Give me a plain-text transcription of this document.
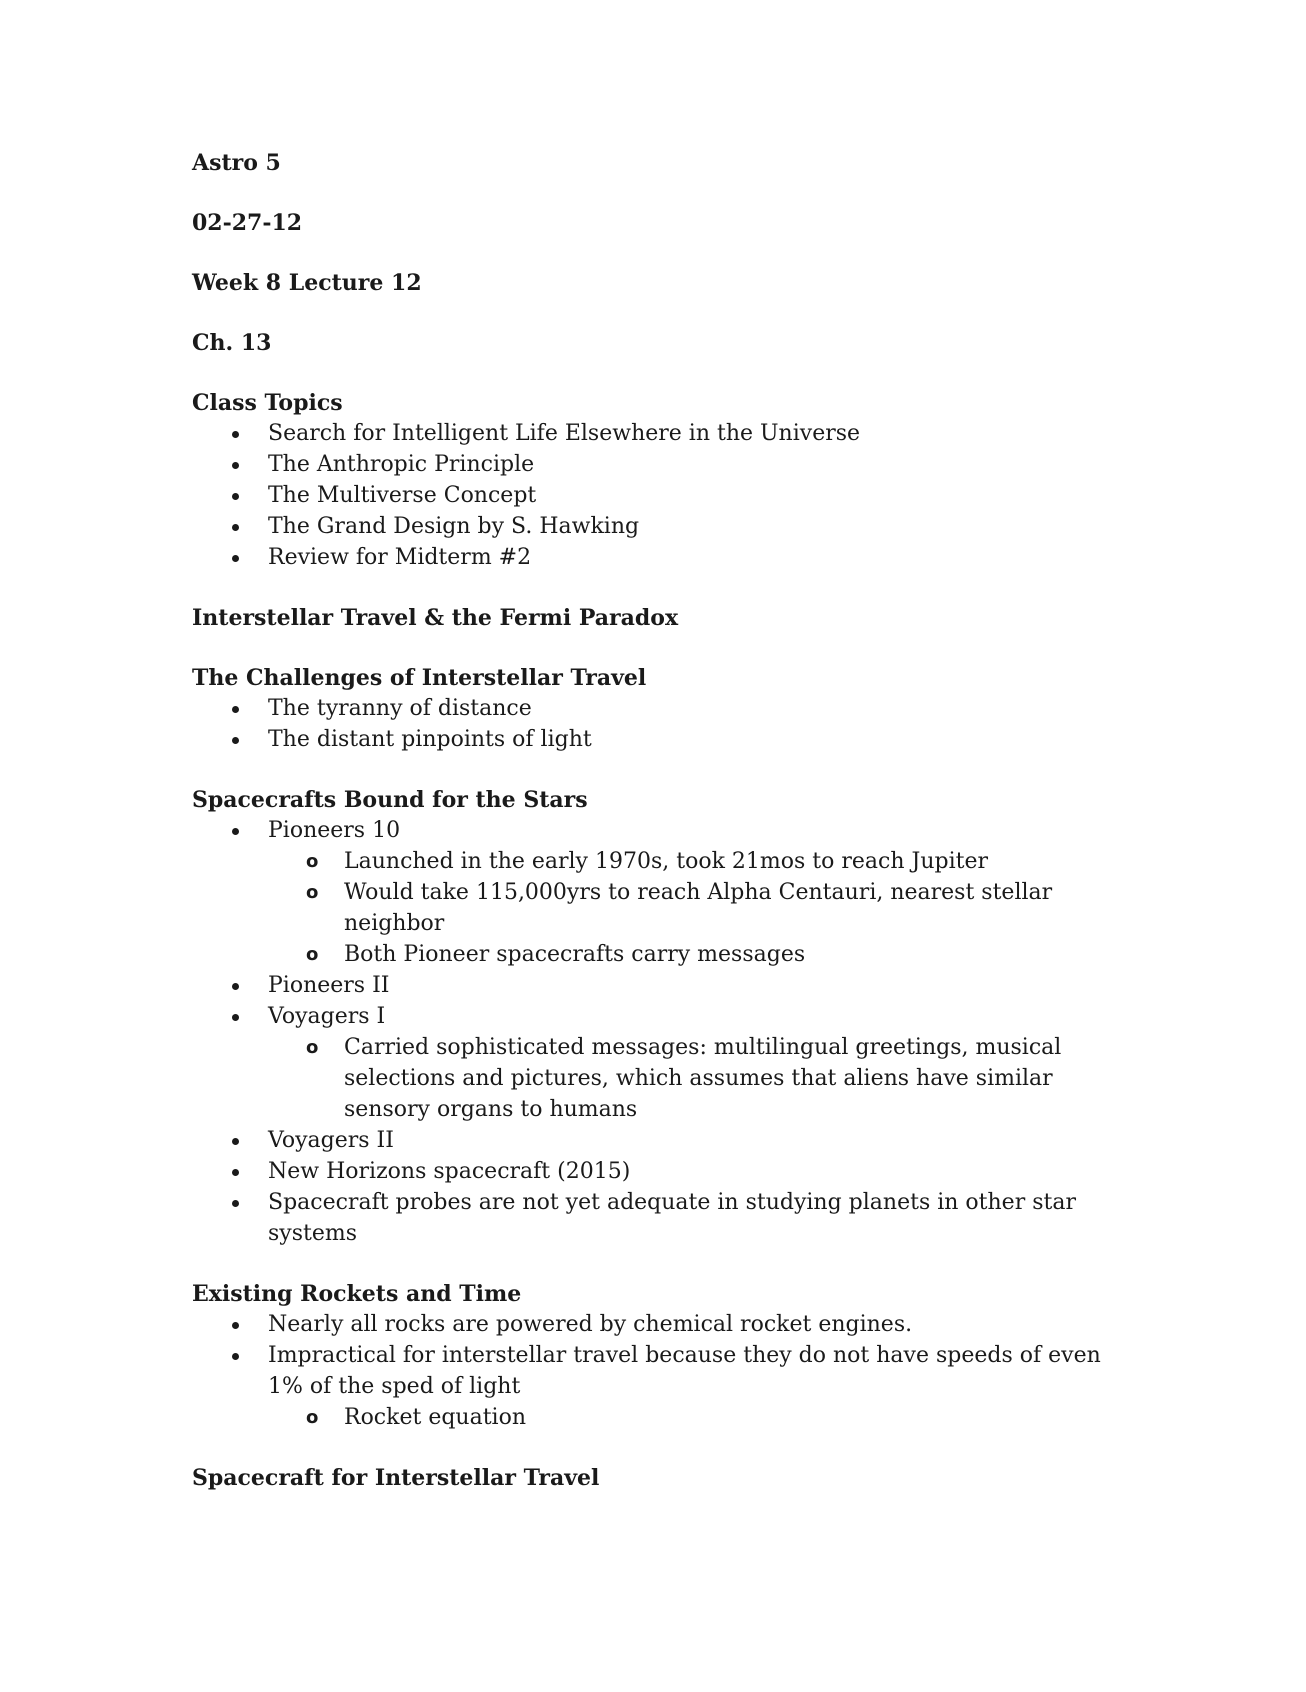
Astro 5

02-27-12

Week 8 Lecture 12

Ch. 13

Class Topics

Search for Intelligent Life Elsewhere in the Universe
The Anthropic Principle
The Multiverse Concept
The Grand Design by S. Hawking
Review for Midterm #2

Interstellar Travel & the Fermi Paradox

The Challenges of Interstellar Travel

The tyranny of distance
The distant pinpoints of light

Spacecrafts Bound for the Stars

Pioneers 10
o Launched in the early 1970s, took 21mos to reach Jupiter
o Would take 115,000yrs to reach Alpha Centauri, nearest stellar neighbor
o Both Pioneer spacecrafts carry messages
Pioneers II
Voyagers I
o Carried sophisticated messages: multilingual greetings, musical selections and pictures, which assumes that aliens have similar sensory organs to humans
Voyagers II
New Horizons spacecraft (2015)
Spacecraft probes are not yet adequate in studying planets in other star systems

Existing Rockets and Time

Nearly all rocks are powered by chemical rocket engines.
Impractical for interstellar travel because they do not have speeds of even 1% of the sped of light
o Rocket equation

Spacecraft for Interstellar Travel
